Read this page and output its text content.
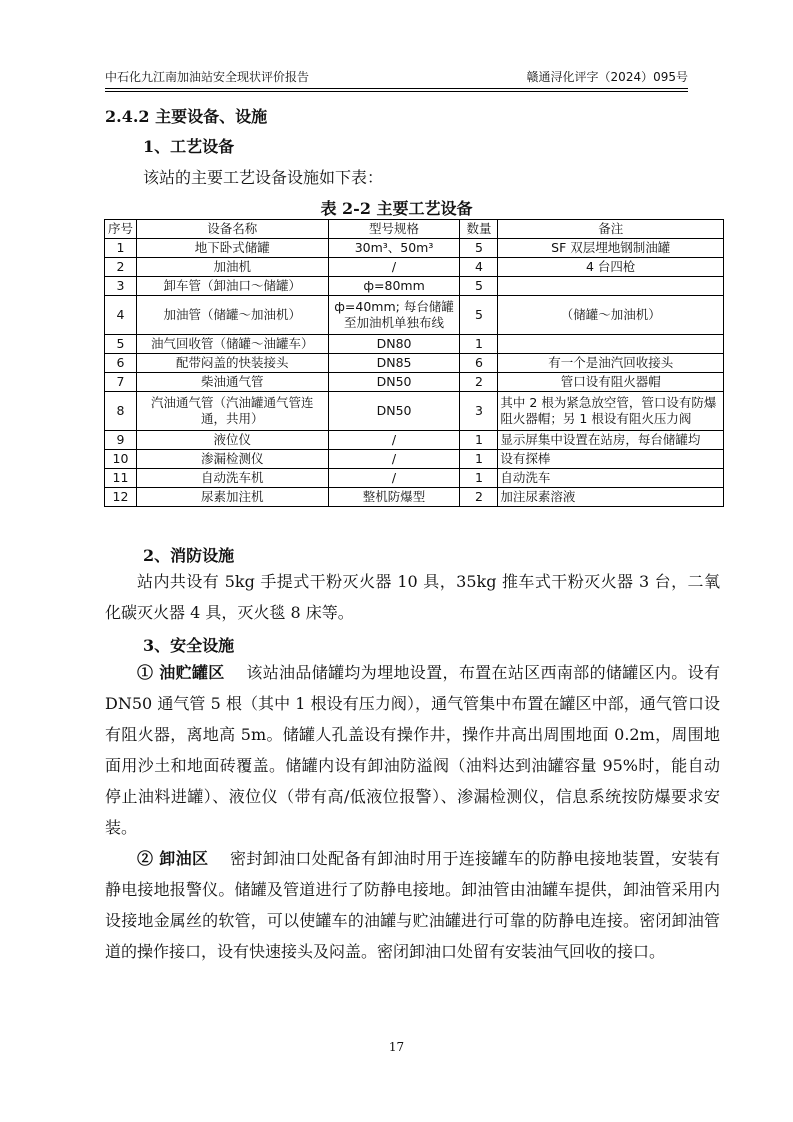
中石化九江南加油站安全现状评价报告	赣通浔化评字（2024）095号
2.4.2 主要设备、设施
1、工艺设备
该站的主要工艺设备设施如下表：
表 2-2 主要工艺设备
序号	设备名称	型号规格	数量	备注
1	地下卧式储罐	30m³、50m³	5	SF 双层埋地钢制油罐
2	加油机	/	4	4 台四枪
3	卸车管（卸油口～储罐）	ф=80mm	5	
4	加油管（储罐～加油机）	ф=40mm; 每台储罐至加油机单独布线	5	（储罐～加油机）
5	油气回收管（储罐～油罐车）	DN80	1	
6	配带闷盖的快装接头	DN85	6	有一个是油汽回收接头
7	柴油通气管	DN50	2	管口设有阻火器帽
8	汽油通气管（汽油罐通气管连通，共用）	DN50	3	其中 2 根为紧急放空管，管口设有防爆阻火器帽；另 1 根设有阻火压力阀
9	液位仪	/	1	显示屏集中设置在站房，每台储罐均
10	渗漏检测仪	/	1	设有探棒
11	自动洗车机	/	1	自动洗车
12	尿素加注机	整机防爆型	2	加注尿素溶液
2、消防设施
站内共设有 5kg 手提式干粉灭火器 10 具，35kg 推车式干粉灭火器 3 台，二氧化碳灭火器 4 具，灭火毯 8 床等。
3、安全设施
① 油贮罐区 该站油品储罐均为埋地设置，布置在站区西南部的储罐区内。设有 DN50 通气管 5 根（其中 1 根设有压力阀），通气管集中布置在罐区中部，通气管口设有阻火器，离地高 5m。储罐人孔盖设有操作井，操作井高出周围地面 0.2m，周围地面用沙土和地面砖覆盖。储罐内设有卸油防溢阀（油料达到油罐容量 95%时，能自动停止油料进罐）、液位仪（带有高/低液位报警）、渗漏检测仪，信息系统按防爆要求安装。
② 卸油区 密封卸油口处配备有卸油时用于连接罐车的防静电接地装置，安装有静电接地报警仪。储罐及管道进行了防静电接地。卸油管由油罐车提供，卸油管采用内设接地金属丝的软管，可以使罐车的油罐与贮油罐进行可靠的防静电连接。密闭卸油管道的操作接口，设有快速接头及闷盖。密闭卸油口处留有安装油气回收的接口。
17
